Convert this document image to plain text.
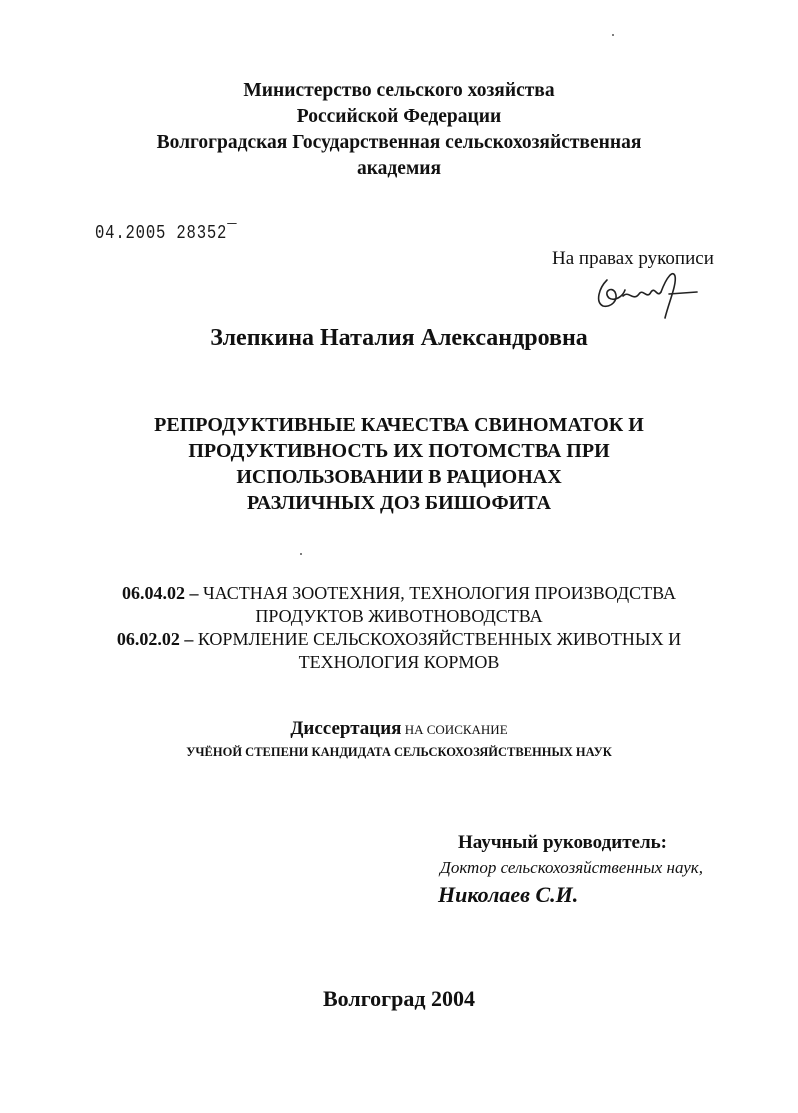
Министерство сельского хозяйства
Российской Федерации
Волгоградская Государственная сельскохозяйственная
академия
04.2005 28352‾
На правах рукописи
Злепкина Наталия Александровна
РЕПРОДУКТИВНЫЕ КАЧЕСТВА СВИНОМАТОК И
ПРОДУКТИВНОСТЬ ИХ ПОТОМСТВА ПРИ
ИСПОЛЬЗОВАНИИ В РАЦИОНАХ
РАЗЛИЧНЫХ ДОЗ БИШОФИТА
06.04.02 – ЧАСТНАЯ ЗООТЕХНИЯ, ТЕХНОЛОГИЯ ПРОИЗВОДСТВА
ПРОДУКТОВ ЖИВОТНОВОДСТВА
06.02.02 – КОРМЛЕНИЕ СЕЛЬСКОХОЗЯЙСТВЕННЫХ ЖИВОТНЫХ И
ТЕХНОЛОГИЯ КОРМОВ
Диссертация НА СОИСКАНИЕ
УЧЁНОЙ СТЕПЕНИ КАНДИДАТА СЕЛЬСКОХОЗЯЙСТВЕННЫХ НАУК
Научный руководитель:
Доктор сельскохозяйственных наук,
Николаев С.И.
Волгоград 2004
